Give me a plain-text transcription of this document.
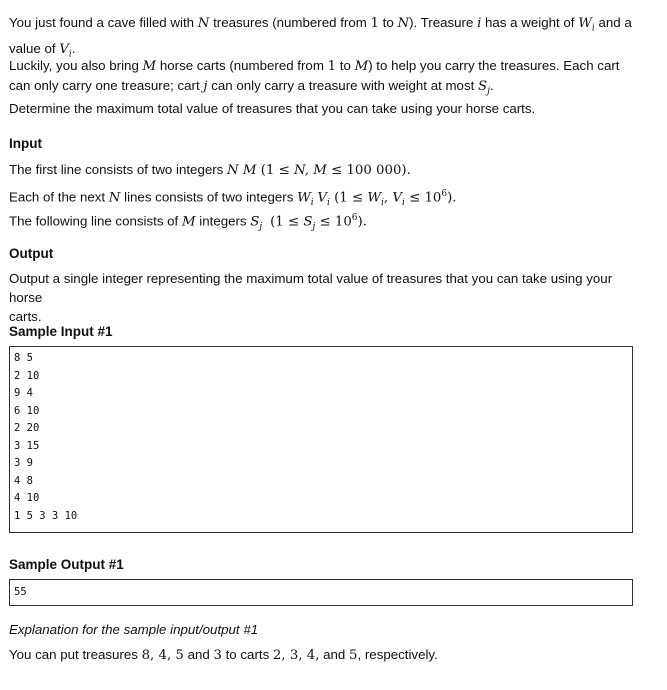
You just found a cave filled with N treasures (numbered from 1 to N). Treasure i has a weight of $W_i$ and a
value of $V_i$.

Luckily, you also bring M horse carts (numbered from 1 to M) to help you carry the treasures. Each cart
can only carry one treasure; cart j can only carry a treasure with weight at most $S_j$.

Determine the maximum total value of treasures that you can take using your horse carts.

Input

The first line consists of two integers N M (1 ≤ N, M ≤ 100 000).

Each of the next N lines consists of two integers $W_i$ $V_i$ ($1 \le W_i$, $V_i \le 10^6$).

The following line consists of M integers $S_j$  $(1 \le S_j \le 10^6)$.

Output

Output a single integer representing the maximum total value of treasures that you can take using your horse
carts.

Sample Input #1
8 5
2 10
9 4
6 10
2 20
3 15
3 9
4 8
4 10
1 5 3 3 10
Sample Output #1
55

Explanation for the sample input/output #1

You can put treasures 8, 4, 5 and 3 to carts 2, 3, 4, and 5, respectively.
